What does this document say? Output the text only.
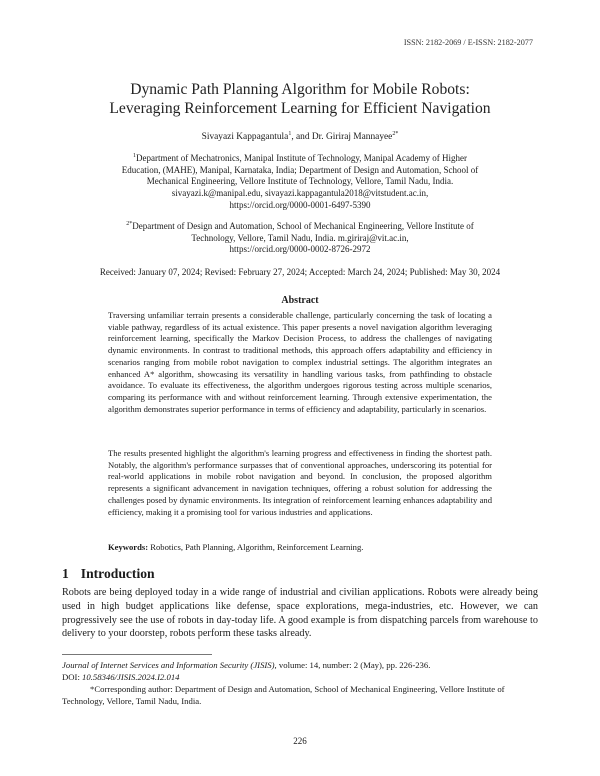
ISSN: 2182-2069 / E-ISSN: 2182-2077
Dynamic Path Planning Algorithm for Mobile Robots:
Leveraging Reinforcement Learning for Efficient Navigation
Sivayazi Kappagantula$^1$, and Dr. Giriraj Mannayee$^{2*}$
$^1$Department of Mechatronics, Manipal Institute of Technology, Manipal Academy of Higher
Education, (MAHE), Manipal, Karnataka, India; Department of Design and Automation, School of
Mechanical Engineering, Vellore Institute of Technology, Vellore, Tamil Nadu, India.
sivayazi.k@manipal.edu, sivayazi.kappagantula2018@vitstudent.ac.in,
https://orcid.org/0000-0001-6497-5390
$^{2*}$Department of Design and Automation, School of Mechanical Engineering, Vellore Institute of
Technology, Vellore, Tamil Nadu, India. m.giriraj@vit.ac.in,
https://orcid.org/0000-0002-8726-2972
Received: January 07, 2024; Revised: February 27, 2024; Accepted: March 24, 2024; Published: May 30, 2024
Abstract
Traversing unfamiliar terrain presents a considerable challenge, particularly concerning the task of locating a viable pathway, regardless of its actual existence. This paper presents a novel navigation algorithm leveraging reinforcement learning, specifically the Markov Decision Process, to address the challenges of navigating dynamic environments. In contrast to traditional methods, this approach offers adaptability and efficiency in scenarios ranging from mobile robot navigation to complex industrial settings. The algorithm integrates an enhanced A* algorithm, showcasing its versatility in handling various tasks, from pathfinding to obstacle avoidance. To evaluate its effectiveness, the algorithm undergoes rigorous testing across multiple scenarios, comparing its performance with and without reinforcement learning. Through extensive experimentation, the algorithm demonstrates superior performance in terms of efficiency and adaptability, particularly in scenarios.
The results presented highlight the algorithm's learning progress and effectiveness in finding the shortest path. Notably, the algorithm's performance surpasses that of conventional approaches, underscoring its potential for real-world applications in mobile robot navigation and beyond. In conclusion, the proposed algorithm represents a significant advancement in navigation techniques, offering a robust solution for addressing the challenges posed by dynamic environments. Its integration of reinforcement learning enhances adaptability and efficiency, making it a promising tool for various industries and applications.
Keywords: Robotics, Path Planning, Algorithm, Reinforcement Learning.
1 Introduction
Robots are being deployed today in a wide range of industrial and civilian applications. Robots were already being used in high budget applications like defense, space explorations, mega-industries, etc. However, we can progressively see the use of robots in day-today life. A good example is from dispatching parcels from warehouse to delivery to your doorstep, robots perform these tasks already.
Journal of Internet Services and Information Security (JISIS), volume: 14, number: 2 (May), pp. 226-236.
DOI: 10.58346/JISIS.2024.I2.014
*Corresponding author: Department of Design and Automation, School of Mechanical Engineering, Vellore Institute of Technology, Vellore, Tamil Nadu, India.
226
